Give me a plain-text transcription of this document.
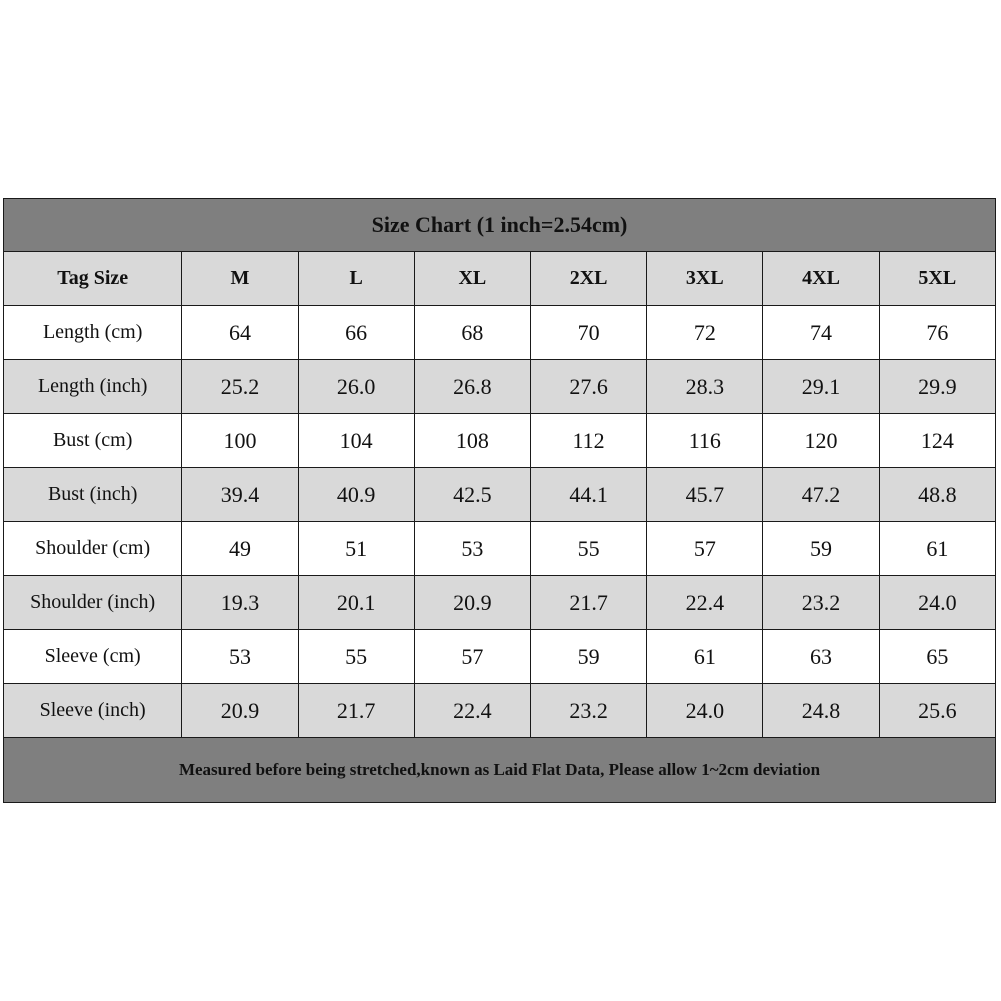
Size Chart (1 inch=2.54cm)							
Tag Size	M	L	XL	2XL	3XL	4XL	5XL
Length (cm)	64	66	68	70	72	74	76
Length (inch)	25.2	26.0	26.8	27.6	28.3	29.1	29.9
Bust (cm)	100	104	108	112	116	120	124
Bust (inch)	39.4	40.9	42.5	44.1	45.7	47.2	48.8
Shoulder (cm)	49	51	53	55	57	59	61
Shoulder (inch)	19.3	20.1	20.9	21.7	22.4	23.2	24.0
Sleeve (cm)	53	55	57	59	61	63	65
Sleeve (inch)	20.9	21.7	22.4	23.2	24.0	24.8	25.6
Measured before being stretched,known as Laid Flat Data, Please allow 1~2cm deviation							
